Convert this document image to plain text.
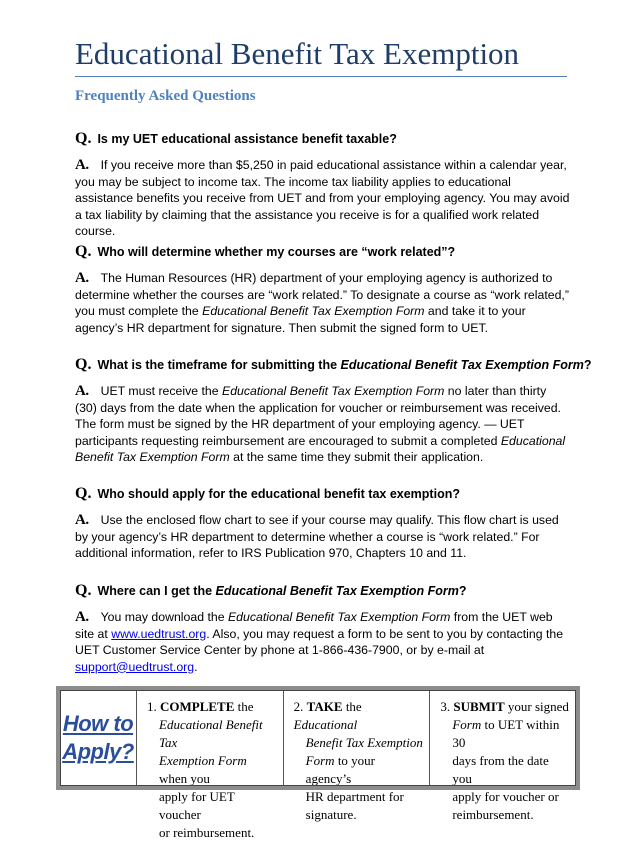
Educational Benefit Tax Exemption
Frequently Asked Questions
Q. Is my UET educational assistance benefit taxable?
A. If you receive more than $5,250 in paid educational assistance within a calendar year, you may be subject to income tax. The income tax liability applies to educational assistance benefits you receive from UET and from your employing agency. You may avoid a tax liability by claiming that the assistance you receive is for a qualified work related course.
Q. Who will determine whether my courses are “work related”?
A. The Human Resources (HR) department of your employing agency is authorized to determine whether the courses are “work related.” To designate a course as “work related,” you must complete the Educational Benefit Tax Exemption Form and take it to your agency’s HR department for signature. Then submit the signed form to UET.
Q. What is the timeframe for submitting the Educational Benefit Tax Exemption Form?
A. UET must receive the Educational Benefit Tax Exemption Form no later than thirty (30) days from the date when the application for voucher or reimbursement was received. The form must be signed by the HR department of your employing agency. — UET participants requesting reimbursement are encouraged to submit a completed Educational Benefit Tax Exemption Form at the same time they submit their application.
Q. Who should apply for the educational benefit tax exemption?
A. Use the enclosed flow chart to see if your course may qualify. This flow chart is used by your agency’s HR department to determine whether a course is “work related.” For additional information, refer to IRS Publication 970, Chapters 10 and 11.
Q. Where can I get the Educational Benefit Tax Exemption Form?
A. You may download the Educational Benefit Tax Exemption Form from the UET web site at www.uedtrust.org. Also, you may request a form to be sent to you by contacting the UET Customer Service Center by phone at 1-866-436-7900, or by e-mail at support@uedtrust.org.
How to
Apply?
1. COMPLETE the
Educational Benefit Tax
Exemption Form when you
apply for UET voucher
or reimbursement.
2. TAKE the Educational
Benefit Tax Exemption
Form to your agency’s
HR department for
signature.
3. SUBMIT your signed
Form to UET within 30
days from the date you
apply for voucher or
reimbursement.
